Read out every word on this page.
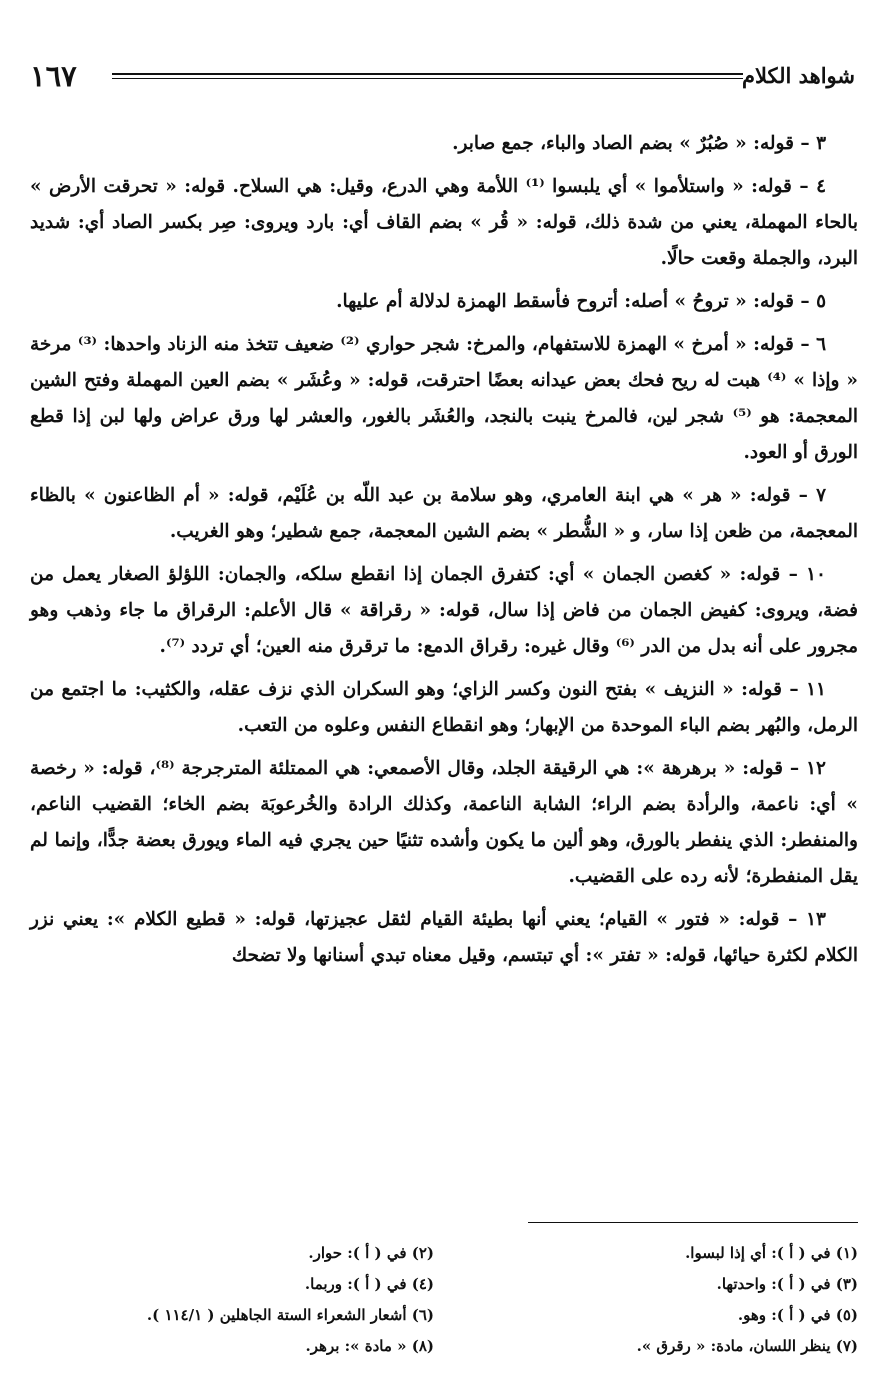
شواهد الكلام
١٦٧

٣ – قوله: « صُبُرٌ » بضم الصاد والباء، جمع صابر.

٤ – قوله: « واستلأموا » أي يلبسوا ⁽¹⁾ اللأمة وهي الدرع، وقيل: هي السلاح. قوله: « تحرقت الأرض » بالحاء المهملة، يعني من شدة ذلك، قوله: « قُر » بضم القاف أي: بارد ويروى: صِر بكسر الصاد أي: شديد البرد، والجملة وقعت حالًا.

٥ – قوله: « تروحُ » أصله: أتروح فأسقط الهمزة لدلالة أم عليها.

٦ – قوله: « أمرخ » الهمزة للاستفهام، والمرخ: شجر حواري ⁽²⁾ ضعيف تتخذ منه الزناد واحدها: ⁽³⁾ مرخة « وإذا » ⁽⁴⁾ هبت له ريح فحك بعض عيدانه بعضًا احترقت، قوله: « وعُشَر » بضم العين المهملة وفتح الشين المعجمة: هو ⁽⁵⁾ شجر لين، فالمرخ ينبت بالنجد، والعُشَر بالغور، والعشر لها ورق عراض ولها لبن إذا قطع الورق أو العود.

٧ – قوله: « هر » هي ابنة العامري، وهو سلامة بن عبد اللّه بن عُلَيْم، قوله: « أم الظاعنون » بالظاء المعجمة، من ظعن إذا سار، و « الشُّطر » بضم الشين المعجمة، جمع شطير؛ وهو الغريب.

١٠ – قوله: « كغصن الجمان » أي: كتفرق الجمان إذا انقطع سلكه، والجمان: اللؤلؤ الصغار يعمل من فضة، ويروى: كفيض الجمان من فاض إذا سال، قوله: « رقراقة » قال الأعلم: الرقراق ما جاء وذهب وهو مجرور على أنه بدل من الدر ⁽⁶⁾ وقال غيره: رقراق الدمع: ما ترقرق منه العين؛ أي تردد ⁽⁷⁾.

١١ – قوله: « النزيف » بفتح النون وكسر الزاي؛ وهو السكران الذي نزف عقله، والكثيب: ما اجتمع من الرمل، والبُهر بضم الباء الموحدة من الإبهار؛ وهو انقطاع النفس وعلوه من التعب.

١٢ – قوله: « برهرهة »: هي الرقيقة الجلد، وقال الأصمعي: هي الممتلئة المترجرجة ⁽⁸⁾، قوله: « رخصة » أي: ناعمة، والرأدة بضم الراء؛ الشابة الناعمة، وكذلك الرادة والخُرعوبَة بضم الخاء؛ القضيب الناعم، والمنفطر: الذي ينفطر بالورق، وهو ألين ما يكون وأشده تثنيًا حين يجري فيه الماء ويورق بعضة جدًّا، وإنما لم يقل المنفطرة؛ لأنه رده على القضيب.

١٣ – قوله: « فتور » القيام؛ يعني أنها بطيئة القيام لثقل عجيزتها، قوله: « قطيع الكلام »: يعني نزر الكلام لكثرة حيائها، قوله: « تفتر »: أي تبتسم، وقيل معناه تبدي أسنانها ولا تضحك

(١) في ( أ ): أي إذا لبسوا.
(٢) في ( أ ): حوار.
(٣) في ( أ ): واحدتها.
(٤) في ( أ ): وربما.
(٥) في ( أ ): وهو.
(٦) أشعار الشعراء الستة الجاهلين ( ١١٤/١ ).
(٧) ينظر اللسان، مادة: « رقرق ».
(٨) « مادة »: برهر.
